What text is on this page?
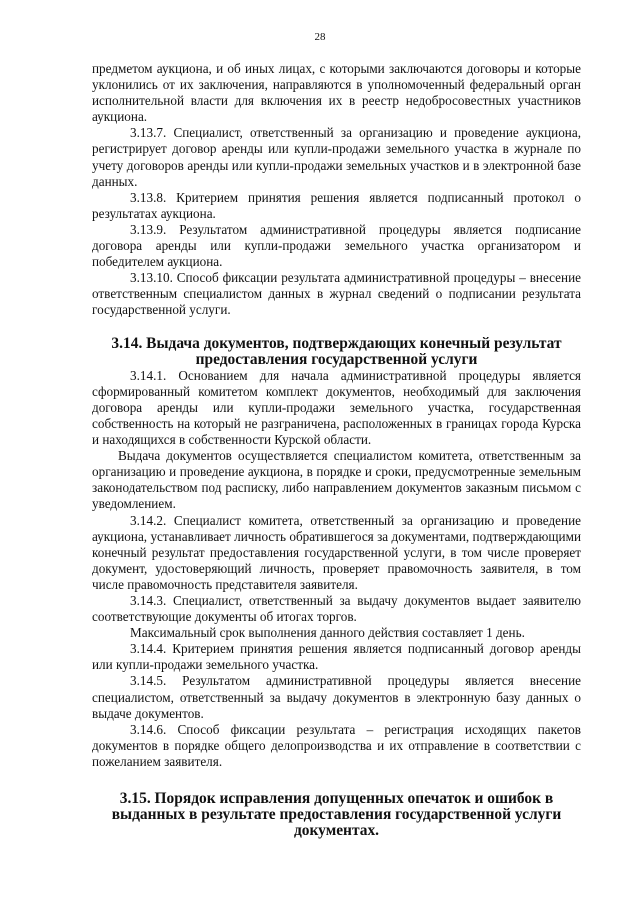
28

предметом аукциона, и об иных лицах, с которыми заключаются договоры и которые уклонились от их заключения, направляются в уполномоченный федеральный орган исполнительной власти для включения их в реестр недобросовестных участников аукциона.

3.13.7. Специалист, ответственный за организацию и проведение аукциона, регистрирует договор аренды или купли-продажи земельного участка в журнале по учету договоров аренды или купли-продажи земельных участков и в электронной базе данных.

3.13.8. Критерием принятия решения является подписанный протокол о результатах аукциона.

3.13.9. Результатом административной процедуры является подписание договора аренды или купли-продажи земельного участка организатором и победителем аукциона.

3.13.10. Способ фиксации результата административной процедуры – внесение ответственным специалистом данных в журнал сведений о подписании результата государственной услуги.

3.14. Выдача документов, подтверждающих конечный результат предоставления государственной услуги

3.14.1. Основанием для начала административной процедуры является сформированный комитетом комплект документов, необходимый для заключения договора аренды или купли-продажи земельного участка, государственная собственность на который не разграничена, расположенных в границах города Курска и находящихся в собственности Курской области.

Выдача документов осуществляется специалистом комитета, ответственным за организацию и проведение аукциона, в порядке и сроки, предусмотренные земельным законодательством под расписку, либо направлением документов заказным письмом с уведомлением.

3.14.2. Специалист комитета, ответственный за организацию и проведение аукциона, устанавливает личность обратившегося за документами, подтверждающими конечный результат предоставления государственной услуги, в том числе проверяет документ, удостоверяющий личность, проверяет правомочность заявителя, в том числе правомочность представителя заявителя.

3.14.3. Специалист, ответственный за выдачу документов выдает заявителю соответствующие документы об итогах торгов.

Максимальный срок выполнения данного действия составляет 1 день.

3.14.4. Критерием принятия решения является подписанный договор аренды или купли-продажи земельного участка.

3.14.5. Результатом административной процедуры является внесение специалистом, ответственный за выдачу документов в электронную базу данных о выдаче документов.

3.14.6. Способ фиксации результата – регистрация исходящих пакетов документов в порядке общего делопроизводства и их отправление в соответствии с пожеланием заявителя.

3.15. Порядок исправления допущенных опечаток и ошибок в выданных в результате предоставления государственной услуги документах.
